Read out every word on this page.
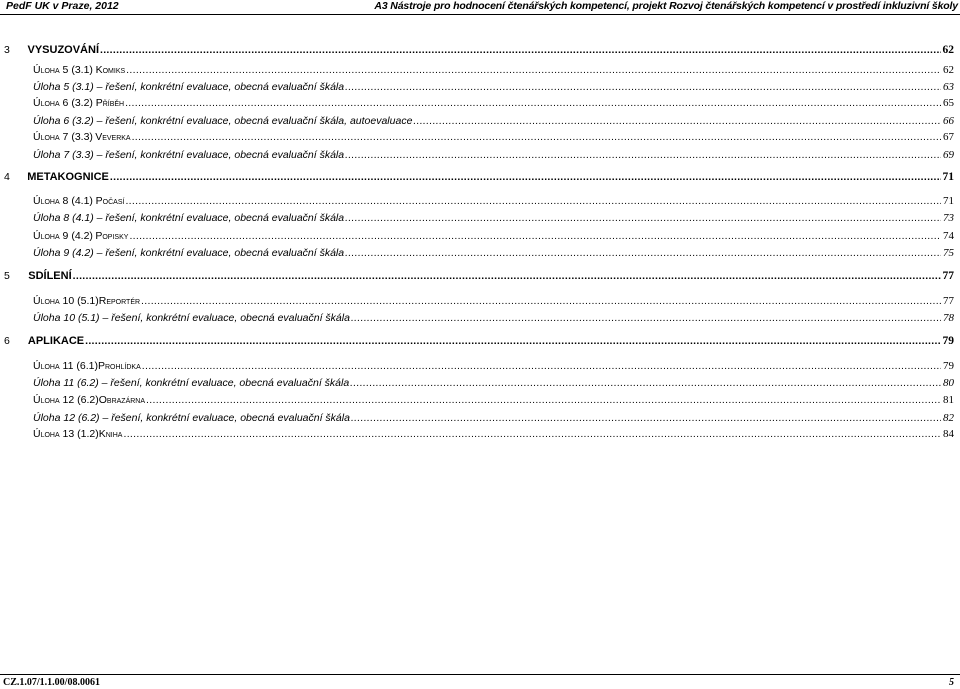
PedF UK v Praze, 2012	A3 Nástroje pro hodnocení čtenářských kompetencí, projekt Rozvoj čtenářských kompetencí v prostředí inkluzivní školy
3	VYSUZOVÁNÍ .....	62
Úloha 5 (3.1) Komiks .....	62
Úloha 5 (3.1) – řešení, konkrétní evaluace, obecná evaluační škála .....	63
Úloha 6 (3.2) Příběh .....	65
Úloha 6 (3.2) – řešení, konkrétní evaluace, obecná evaluační škála, autoevaluace .....	66
Úloha 7 (3.3) Veverka .....	67
Úloha 7 (3.3) – řešení, konkrétní evaluace, obecná evaluační škála .....	69
4	METAKOGNICE .....	71
Úloha 8 (4.1) Počasí .....	71
Úloha 8 (4.1) – řešení, konkrétní evaluace, obecná evaluační škála .....	73
Úloha 9 (4.2) Popisky .....	74
Úloha 9 (4.2) – řešení, konkrétní evaluace, obecná evaluační škála .....	75
5	SDÍLENÍ .....	77
Úloha 10 (5.1) Reportér .....	77
Úloha 10 (5.1) – řešení, konkrétní evaluace, obecná evaluační škála .....	78
6	APLIKACE .....	79
Úloha 11 (6.1) Prohlídka .....	79
Úloha 11 (6.2) – řešení, konkrétní evaluace, obecná evaluační škála .....	80
Úloha 12 (6.2) Obrazárna .....	81
Úloha 12 (6.2) – řešení, konkrétní evaluace, obecná evaluační škála .....	82
Úloha 13 (1.2) Kniha .....	84
CZ.1.07/1.1.00/08.0061	5
